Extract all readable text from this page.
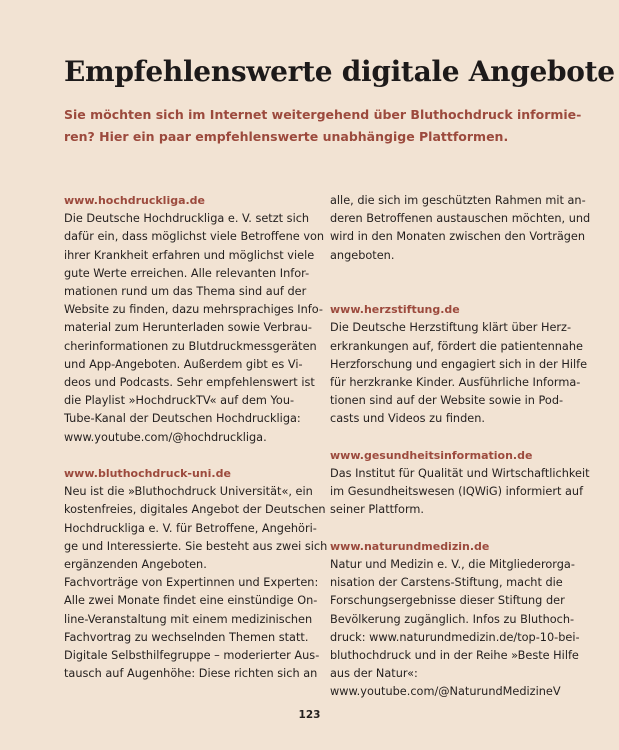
Empfehlenswerte digitale Angebote
Sie möchten sich im Internet weitergehend über Bluthochdruck informie-
ren? Hier ein paar empfehlenswerte unabhängige Plattformen.
www.hochdruckliga.de
Die Deutsche Hochdruckliga e. V. setzt sich
dafür ein, dass möglichst viele Betroffene von
ihrer Krankheit erfahren und möglichst viele
gute Werte erreichen. Alle relevanten Infor-
mationen rund um das Thema sind auf der
Website zu finden, dazu mehrsprachiges Info-
material zum Herunterladen sowie Verbrau-
cherinformationen zu Blutdruckmessgeräten
und App-Angeboten. Außerdem gibt es Vi-
deos und Podcasts. Sehr empfehlenswert ist
die Playlist »HochdruckTV« auf dem You-
Tube-Kanal der Deutschen Hochdruckliga:
www.youtube.com/@hochdruckliga.
www.bluthochdruck-uni.de
Neu ist die »Bluthochdruck Universität«, ein
kostenfreies, digitales Angebot der Deutschen
Hochdruckliga e. V. für Betroffene, Angehöri-
ge und Interessierte. Sie besteht aus zwei sich
ergänzenden Angeboten.
Fachvorträge von Expertinnen und Experten:
Alle zwei Monate findet eine einstündige On-
line-Veranstaltung mit einem medizinischen
Fachvortrag zu wechselnden Themen statt.
Digitale Selbsthilfegruppe – moderierter Aus-
tausch auf Augenhöhe: Diese richten sich an
alle, die sich im geschützten Rahmen mit an-
deren Betroffenen austauschen möchten, und
wird in den Monaten zwischen den Vorträgen
angeboten.
www.herzstiftung.de
Die Deutsche Herzstiftung klärt über Herz-
erkrankungen auf, fördert die patientennahe
Herzforschung und engagiert sich in der Hilfe
für herzkranke Kinder. Ausführliche Informa-
tionen sind auf der Website sowie in Pod-
casts und Videos zu finden.
www.gesundheitsinformation.de
Das Institut für Qualität und Wirtschaftlichkeit
im Gesundheitswesen (IQWiG) informiert auf
seiner Plattform.
www.naturundmedizin.de
Natur und Medizin e. V., die Mitgliederorga-
nisation der Carstens-Stiftung, macht die
Forschungsergebnisse dieser Stiftung der
Bevölkerung zugänglich. Infos zu Bluthoch-
druck: www.naturundmedizin.de/top-10-bei-
bluthochdruck und in der Reihe »Beste Hilfe
aus der Natur«:
www.youtube.com/@NaturundMedizineV
123
